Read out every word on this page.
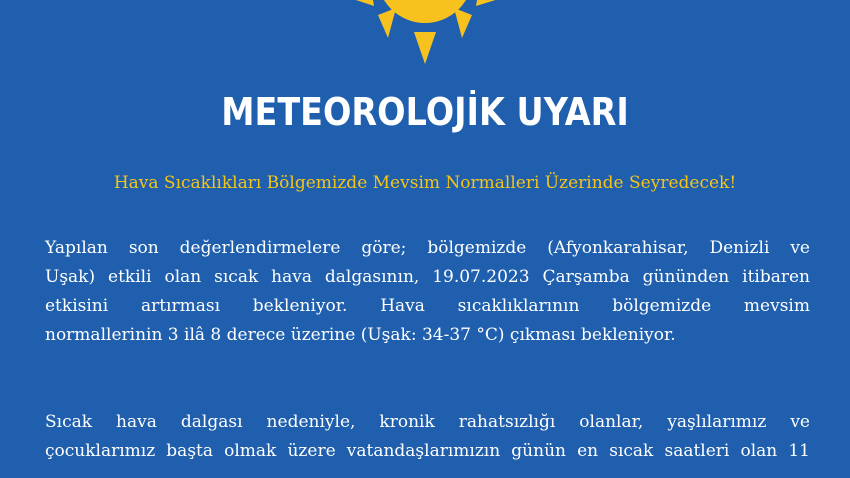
METEOROLOJİK UYARI
Hava Sıcaklıkları Bölgemizde Mevsim Normalleri Üzerinde Seyredecek!
Yapılan son değerlendirmelere göre; bölgemizde (Afyonkarahisar, Denizli ve
Uşak) etkili olan sıcak hava dalgasının, 19.07.2023 Çarşamba gününden itibaren
etkisini artırması bekleniyor. Hava sıcaklıklarının bölgemizde mevsim
normallerinin 3 ilâ 8 derece üzerine (Uşak: 34-37 °C) çıkması bekleniyor.
Sıcak hava dalgası nedeniyle, kronik rahatsızlığı olanlar, yaşlılarımız ve
çocuklarımız başta olmak üzere vatandaşlarımızın günün en sıcak saatleri olan 11
